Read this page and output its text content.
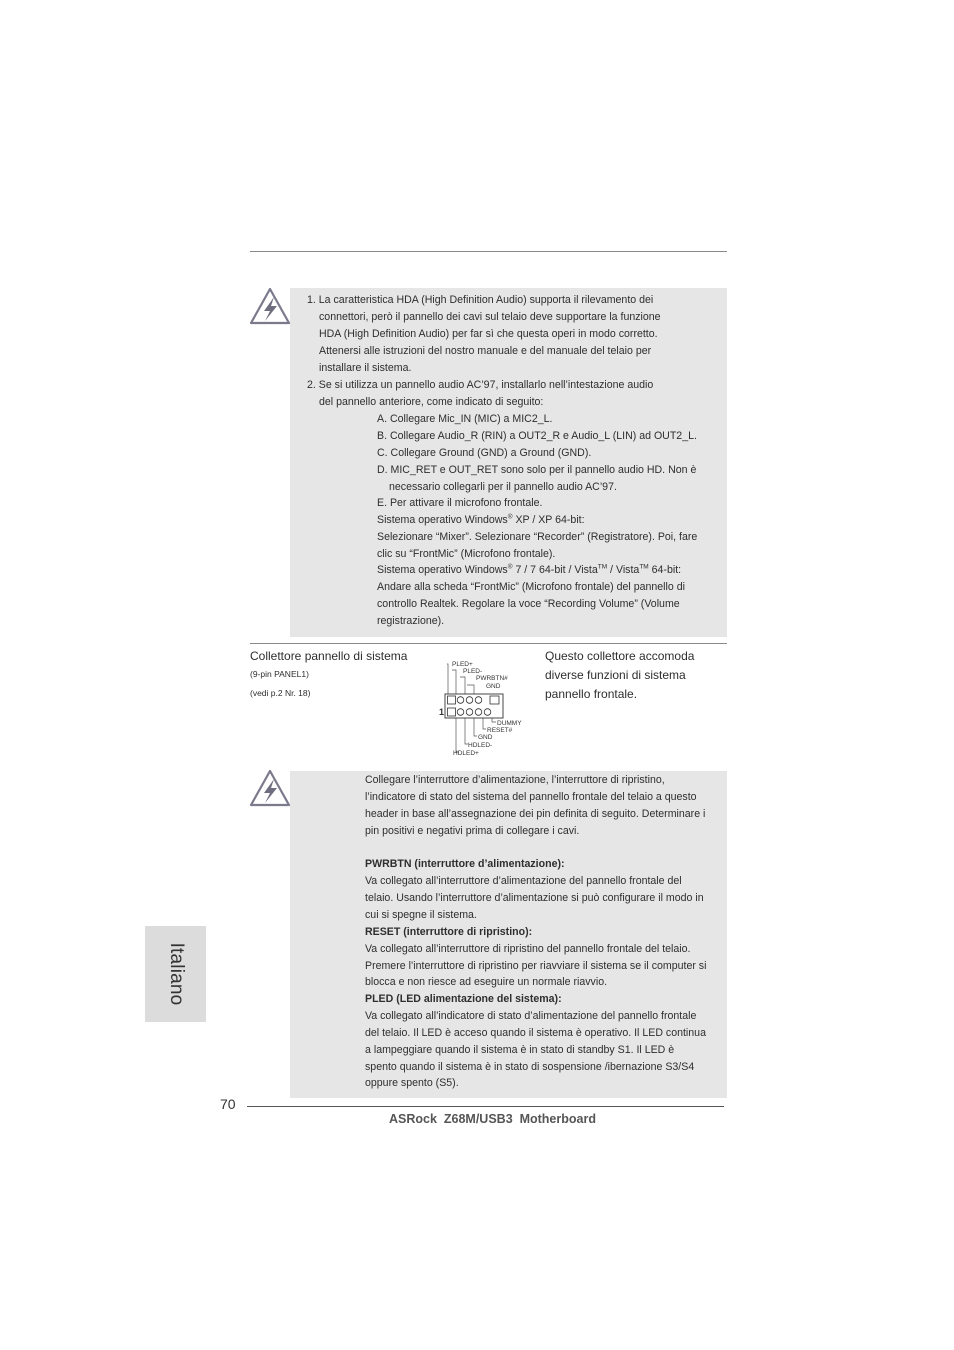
1. La caratteristica HDA (High Definition Audio) supporta il rilevamento dei
connettori, però il pannello dei cavi sul telaio deve supportare la funzione
HDA (High Definition Audio) per far sì che questa operi in modo corretto.
Attenersi alle istruzioni del nostro manuale e del manuale del telaio per
installare il sistema.
2. Se si utilizza un pannello audio AC’97, installarlo nell’intestazione audio
del pannello anteriore, come indicato di seguito:
A. Collegare Mic_IN (MIC) a MIC2_L.
B. Collegare Audio_R (RIN) a OUT2_R e Audio_L (LIN) ad OUT2_L.
C. Collegare Ground (GND) a Ground (GND).
D. MIC_RET e OUT_RET sono solo per il pannello audio HD. Non è
necessario collegarli per il pannello audio AC’97.
E. Per attivare il microfono frontale.
Sistema operativo Windows® XP / XP 64-bit:
Selezionare “Mixer”. Selezionare “Recorder” (Registratore). Poi, fare
clic su “FrontMic” (Microfono frontale).
Sistema operativo Windows® 7 / 7 64-bit / Vista™ / Vista™ 64-bit:
Andare alla scheda “FrontMic” (Microfono frontale) del pannello di
controllo Realtek. Regolare la voce “Recording Volume” (Volume
registrazione).
Collettore pannello di sistema
(9-pin PANEL1)
(vedi p.2 Nr. 18)
Questo collettore accomoda
diverse funzioni di sistema
pannello frontale.
1
PLED+
PLED-
PWRBTN#
GND
DUMMY
RESET#
GND
HDLED-
HDLED+
Collegare l’interruttore d’alimentazione, l’interruttore di ripristino,
l’indicatore di stato del sistema del pannello frontale del telaio a questo
header in base all’assegnazione dei pin definita di seguito. Determinare i
pin positivi e negativi prima di collegare i cavi.
PWRBTN (interruttore d’alimentazione):
Va collegato all’interruttore d’alimentazione del pannello frontale del
telaio. Usando l’interruttore d’alimentazione si può configurare il modo in
cui si spegne il sistema.
RESET (interruttore di ripristino):
Va collegato all’interruttore di ripristino del pannello frontale del telaio.
Premere l’interruttore di ripristino per riavviare il sistema se il computer si
blocca e non riesce ad eseguire un normale riavvio.
PLED (LED alimentazione del sistema):
Va collegato all’indicatore di stato d’alimentazione del pannello frontale
del telaio. Il LED è acceso quando il sistema è operativo. Il LED continua
a lampeggiare quando il sistema è in stato di standby S1. Il LED è
spento quando il sistema è in stato di sospensione /ibernazione S3/S4
oppure spento (S5).
Italiano
70
ASRock  Z68M/USB3  Motherboard
